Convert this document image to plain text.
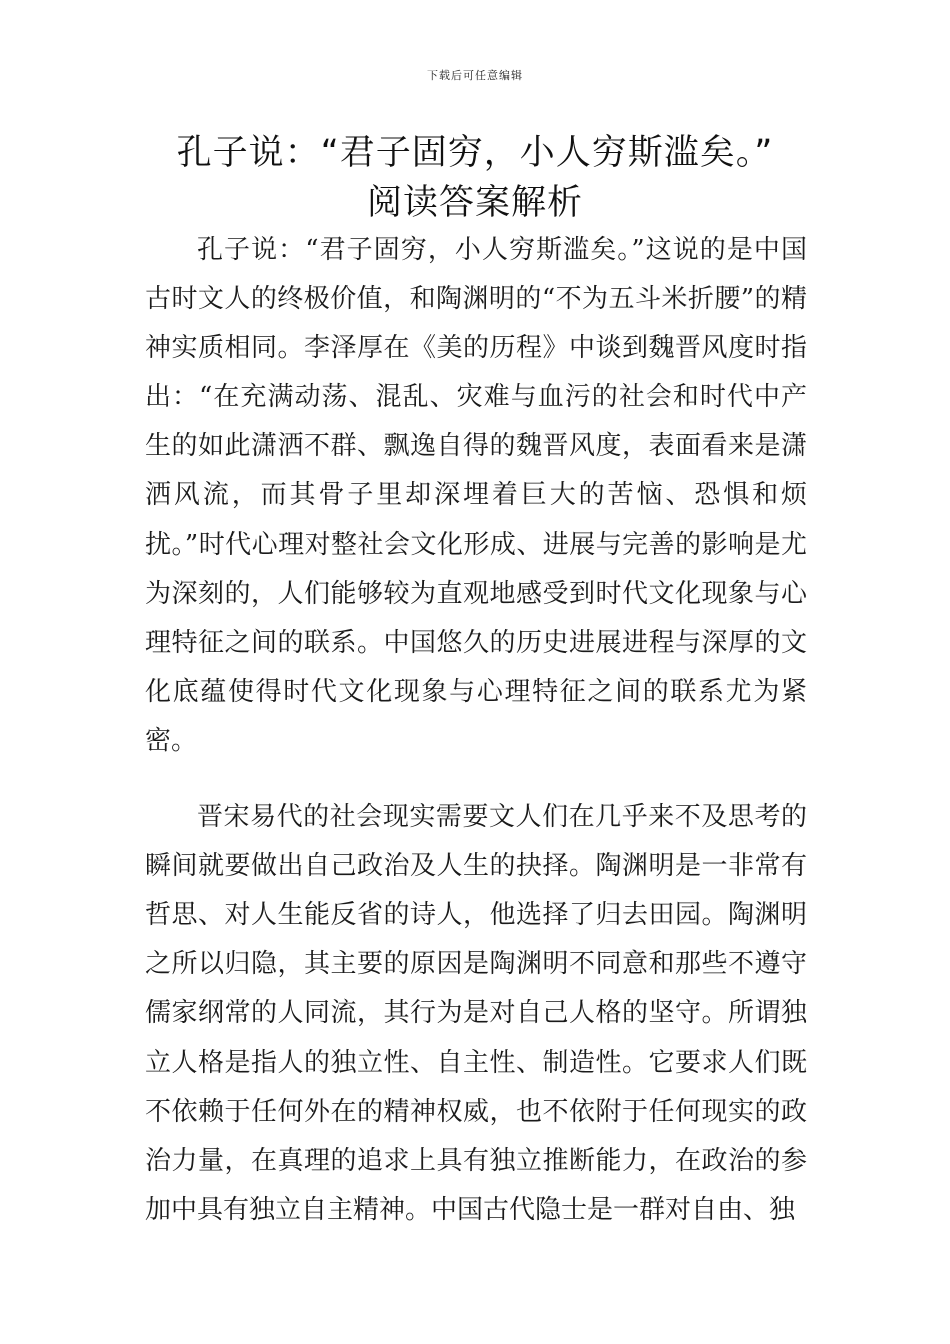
下载后可任意编辑
孔子说：“君子固穷，小人穷斯滥矣。”
阅读答案解析

孔子说：“君子固穷，小人穷斯滥矣。”这说的是中国古时文人的终极价值，和陶渊明的“不为五斗米折腰”的精神实质相同。李泽厚在《美的历程》中谈到魏晋风度时指出：“在充满动荡、混乱、灾难与血污的社会和时代中产生的如此潇洒不群、飘逸自得的魏晋风度，表面看来是潇洒风流，而其骨子里却深埋着巨大的苦恼、恐惧和烦扰。”时代心理对整社会文化形成、进展与完善的影响是尤为深刻的，人们能够较为直观地感受到时代文化现象与心理特征之间的联系。中国悠久的历史进展进程与深厚的文化底蕴使得时代文化现象与心理特征之间的联系尤为紧密。

晋宋易代的社会现实需要文人们在几乎来不及思考的瞬间就要做出自己政治及人生的抉择。陶渊明是一非常有哲思、对人生能反省的诗人，他选择了归去田园。陶渊明之所以归隐，其主要的原因是陶渊明不同意和那些不遵守儒家纲常的人同流，其行为是对自己人格的坚守。所谓独立人格是指人的独立性、自主性、制造性。它要求人们既不依赖于任何外在的精神权威，也不依附于任何现实的政治力量，在真理的追求上具有独立推断能力，在政治的参加中具有独立自主精神。中国古代隐士是一群对自由、独
